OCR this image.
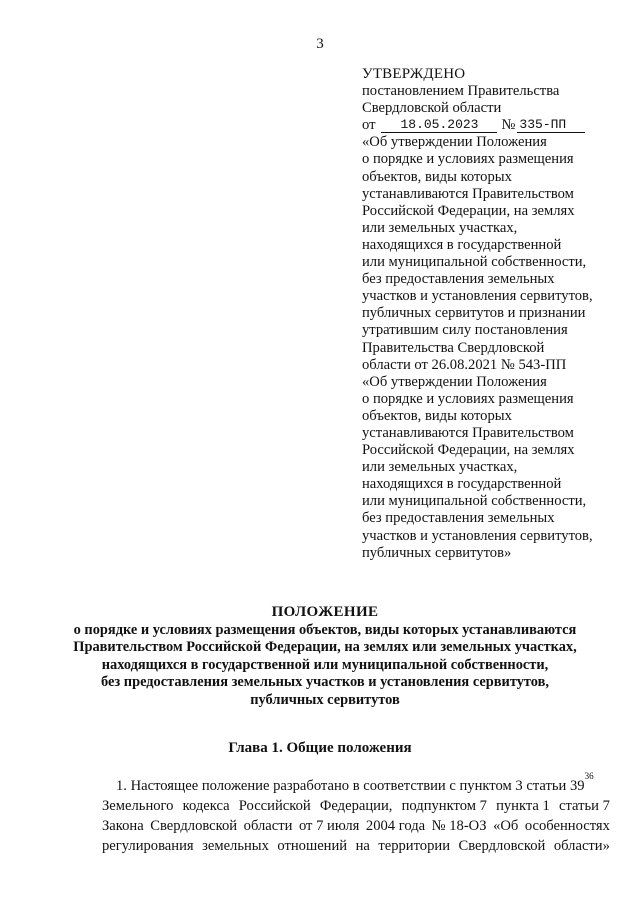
3
УТВЕРЖДЕНО
постановлением Правительства
Свердловской области
от	18.05.2023	№ 335-ПП
«Об утверждении Положения
о порядке и условиях размещения
объектов, виды которых
устанавливаются Правительством
Российской Федерации, на землях
или земельных участках,
находящихся в государственной
или муниципальной собственности,
без предоставления земельных
участков и установления сервитутов,
публичных сервитутов и признании
утратившим силу постановления
Правительства Свердловской
области от 26.08.2021 № 543-ПП
«Об утверждении Положения
о порядке и условиях размещения
объектов, виды которых
устанавливаются Правительством
Российской Федерации, на землях
или земельных участках,
находящихся в государственной
или муниципальной собственности,
без предоставления земельных
участков и установления сервитутов,
публичных сервитутов»
ПОЛОЖЕНИЕ
о порядке и условиях размещения объектов, виды которых устанавливаются
Правительством Российской Федерации, на землях или земельных участках,
находящихся в государственной или муниципальной собственности,
без предоставления земельных участков и установления сервитутов,
публичных сервитутов
Глава 1. Общие положения
1. Настоящее положение разработано в соответствии с пунктом 3 статьи 39
36
Земельного кодекса Российской Федерации, подпунктом 7 пункта 1 статьи 7
Закона Свердловской области от 7 июля 2004 года № 18-ОЗ «Об особенностях
регулирования земельных отношений на территории Свердловской области»
